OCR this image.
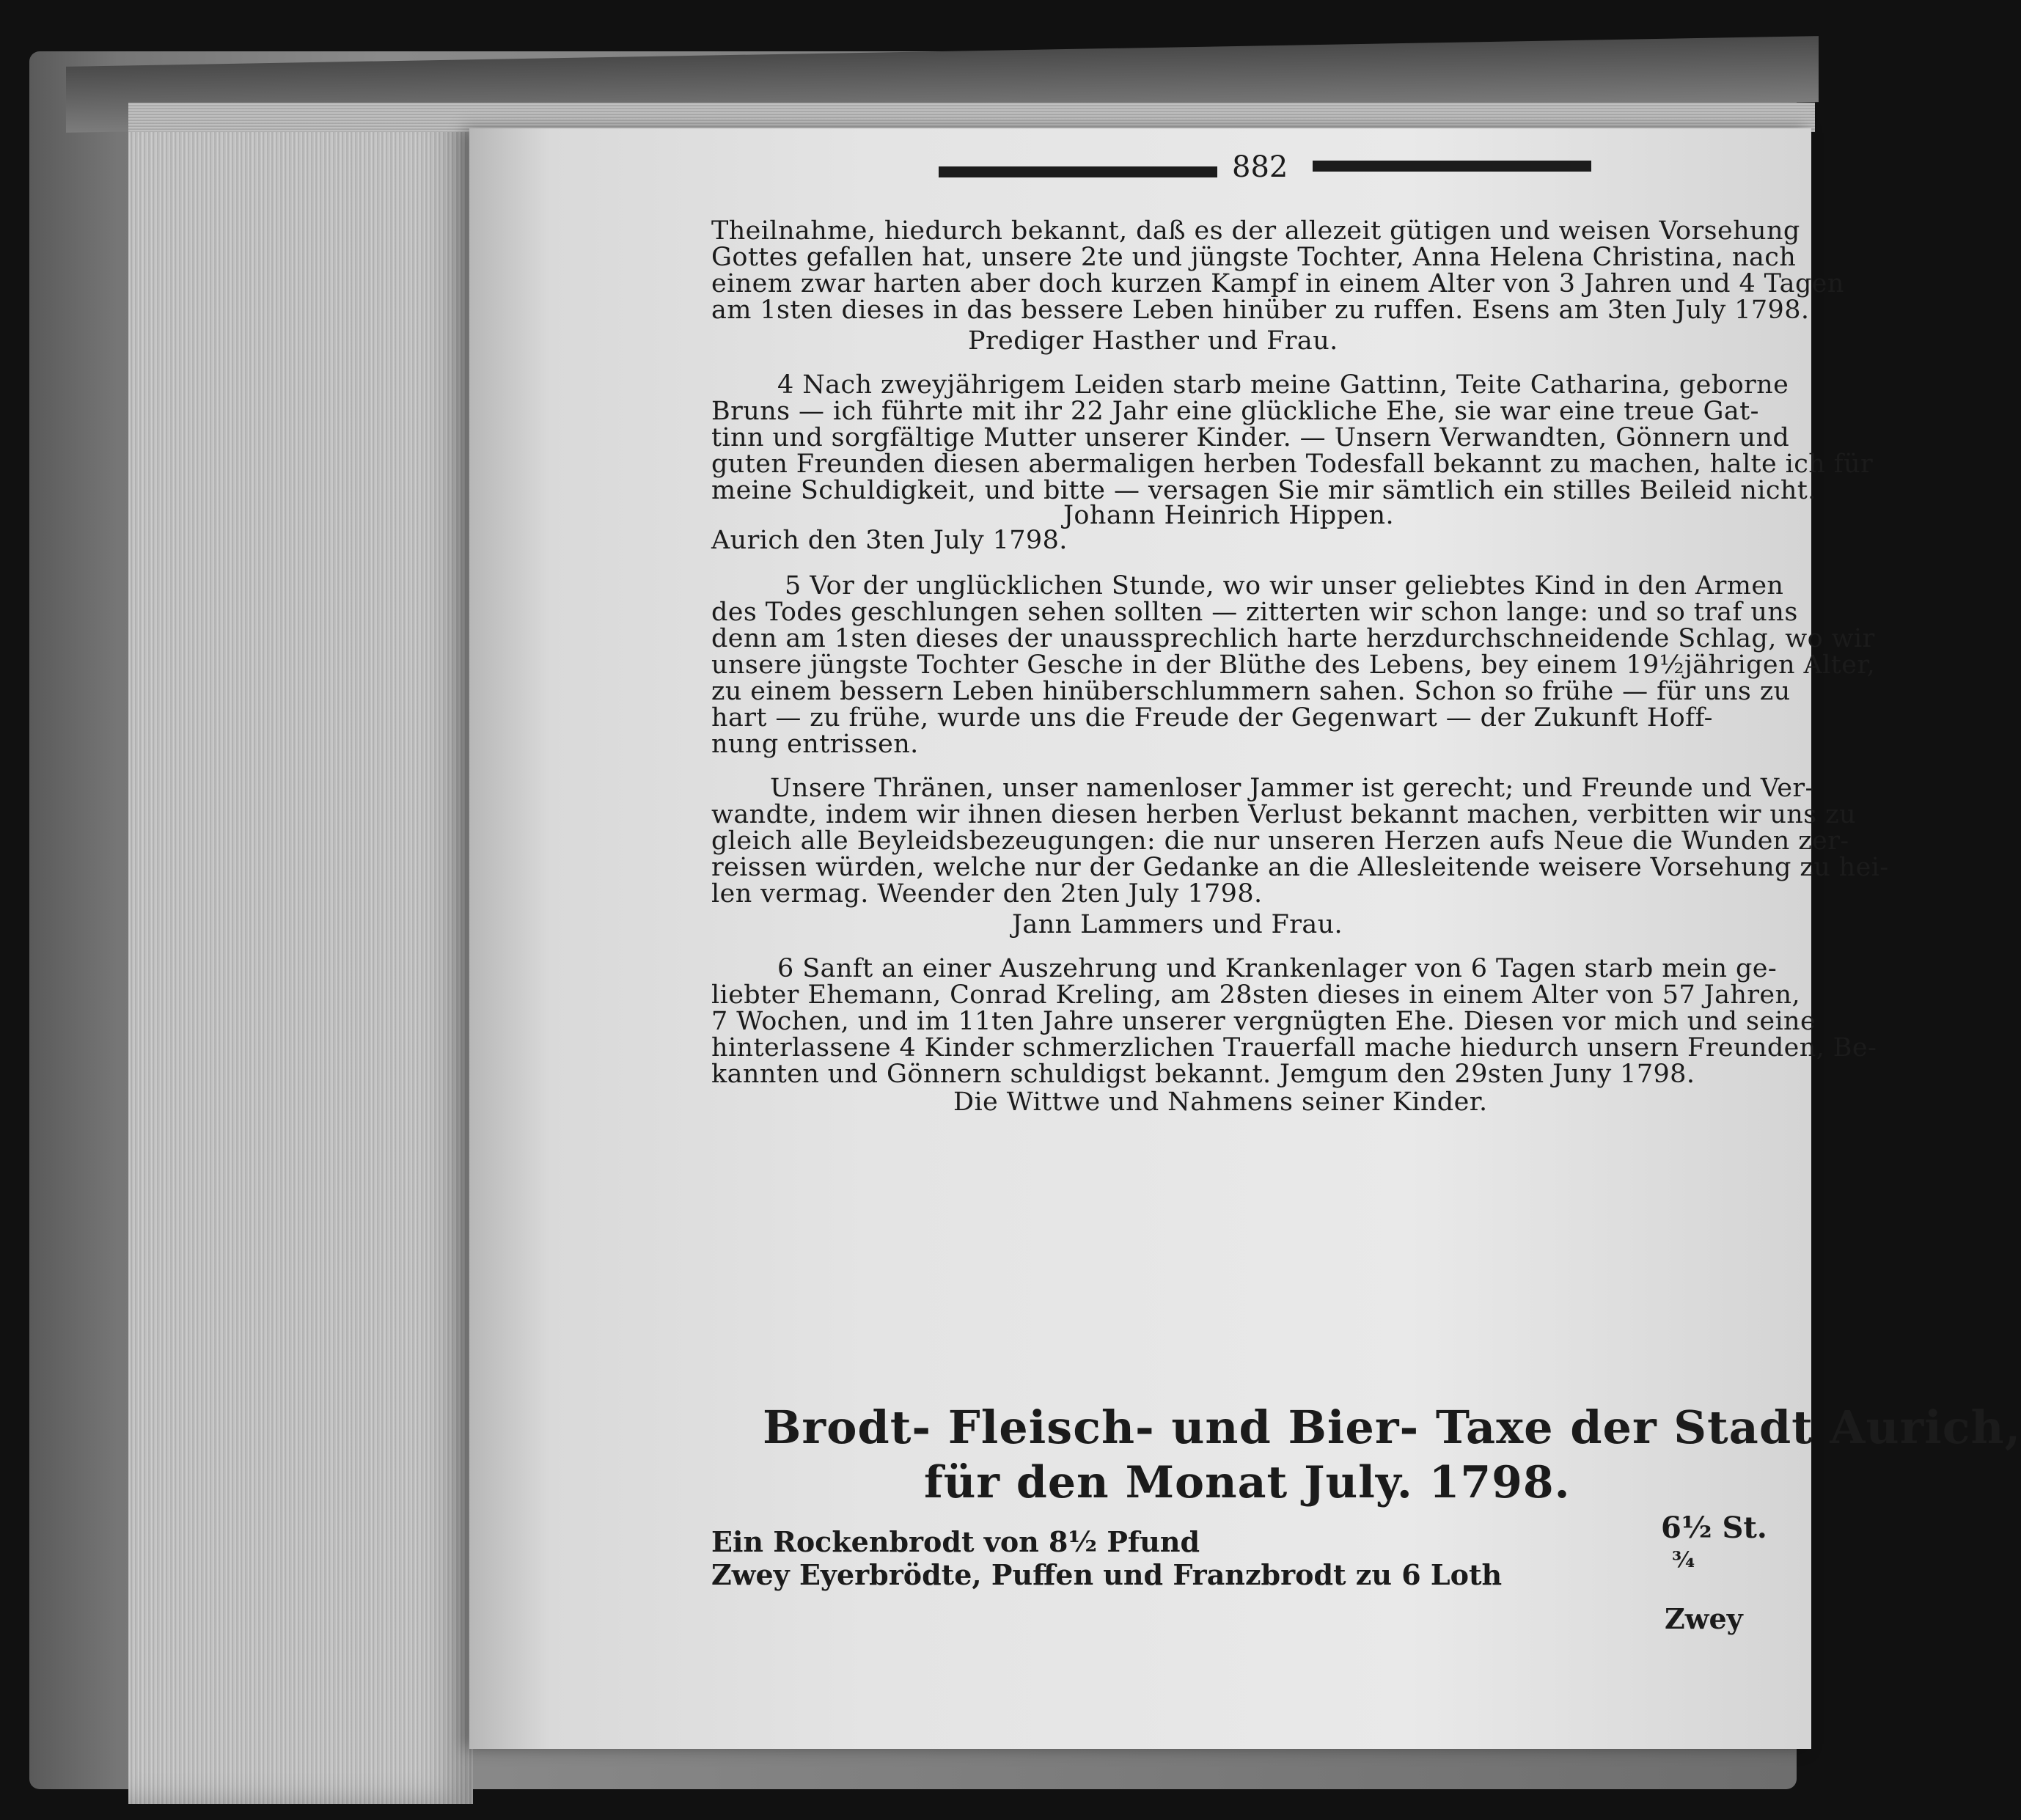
882
Theilnahme, hiedurch bekannt, daß es der allezeit gütigen und weisen Vorsehung
Gottes gefallen hat, unsere 2te und jüngste Tochter, Anna Helena Christina, nach
einem zwar harten aber doch kurzen Kampf in einem Alter von 3 Jahren und 4 Tagen
am 1sten dieses in das bessere Leben hinüber zu ruffen. Esens am 3ten July 1798.
Prediger Hasther und Frau.
4 Nach zweyjährigem Leiden starb meine Gattinn, Teite Catharina, geborne
Bruns — ich führte mit ihr 22 Jahr eine glückliche Ehe, sie war eine treue Gat-
tinn und sorgfältige Mutter unserer Kinder. — Unsern Verwandten, Gönnern und
guten Freunden diesen abermaligen herben Todesfall bekannt zu machen, halte ich für
meine Schuldigkeit, und bitte — versagen Sie mir sämtlich ein stilles Beileid nicht.
Johann Heinrich Hippen.
Aurich den 3ten July 1798.
5 Vor der unglücklichen Stunde, wo wir unser geliebtes Kind in den Armen
des Todes geschlungen sehen sollten — zitterten wir schon lange: und so traf uns
denn am 1sten dieses der unaussprechlich harte herzdurchschneidende Schlag, wo wir
unsere jüngste Tochter Gesche in der Blüthe des Lebens, bey einem 19½jährigen Alter,
zu einem bessern Leben hinüberschlummern sahen. Schon so frühe — für uns zu
hart — zu frühe, wurde uns die Freude der Gegenwart — der Zukunft Hoff-
nung entrissen.
Unsere Thränen, unser namenloser Jammer ist gerecht; und Freunde und Ver-
wandte, indem wir ihnen diesen herben Verlust bekannt machen, verbitten wir uns zu
gleich alle Beyleidsbezeugungen: die nur unseren Herzen aufs Neue die Wunden zer-
reissen würden, welche nur der Gedanke an die Allesleitende weisere Vorsehung zu hei-
len vermag. Weender den 2ten July 1798.
Jann Lammers und Frau.
6 Sanft an einer Auszehrung und Krankenlager von 6 Tagen starb mein ge-
liebter Ehemann, Conrad Kreling, am 28sten dieses in einem Alter von 57 Jahren,
7 Wochen, und im 11ten Jahre unserer vergnügten Ehe. Diesen vor mich und seine
hinterlassene 4 Kinder schmerzlichen Trauerfall mache hiedurch unsern Freunden, Be-
kannten und Gönnern schuldigst bekannt. Jemgum den 29sten Juny 1798.
Die Wittwe und Nahmens seiner Kinder.
Brodt- Fleisch- und Bier- Taxe der Stadt Aurich,
für den Monat July. 1798.
Ein Rockenbrodt von 8½ Pfund	6½ St.
Zwey Eyerbrödte, Puffen und Franzbrodt zu 6 Loth	¾
Zwey
